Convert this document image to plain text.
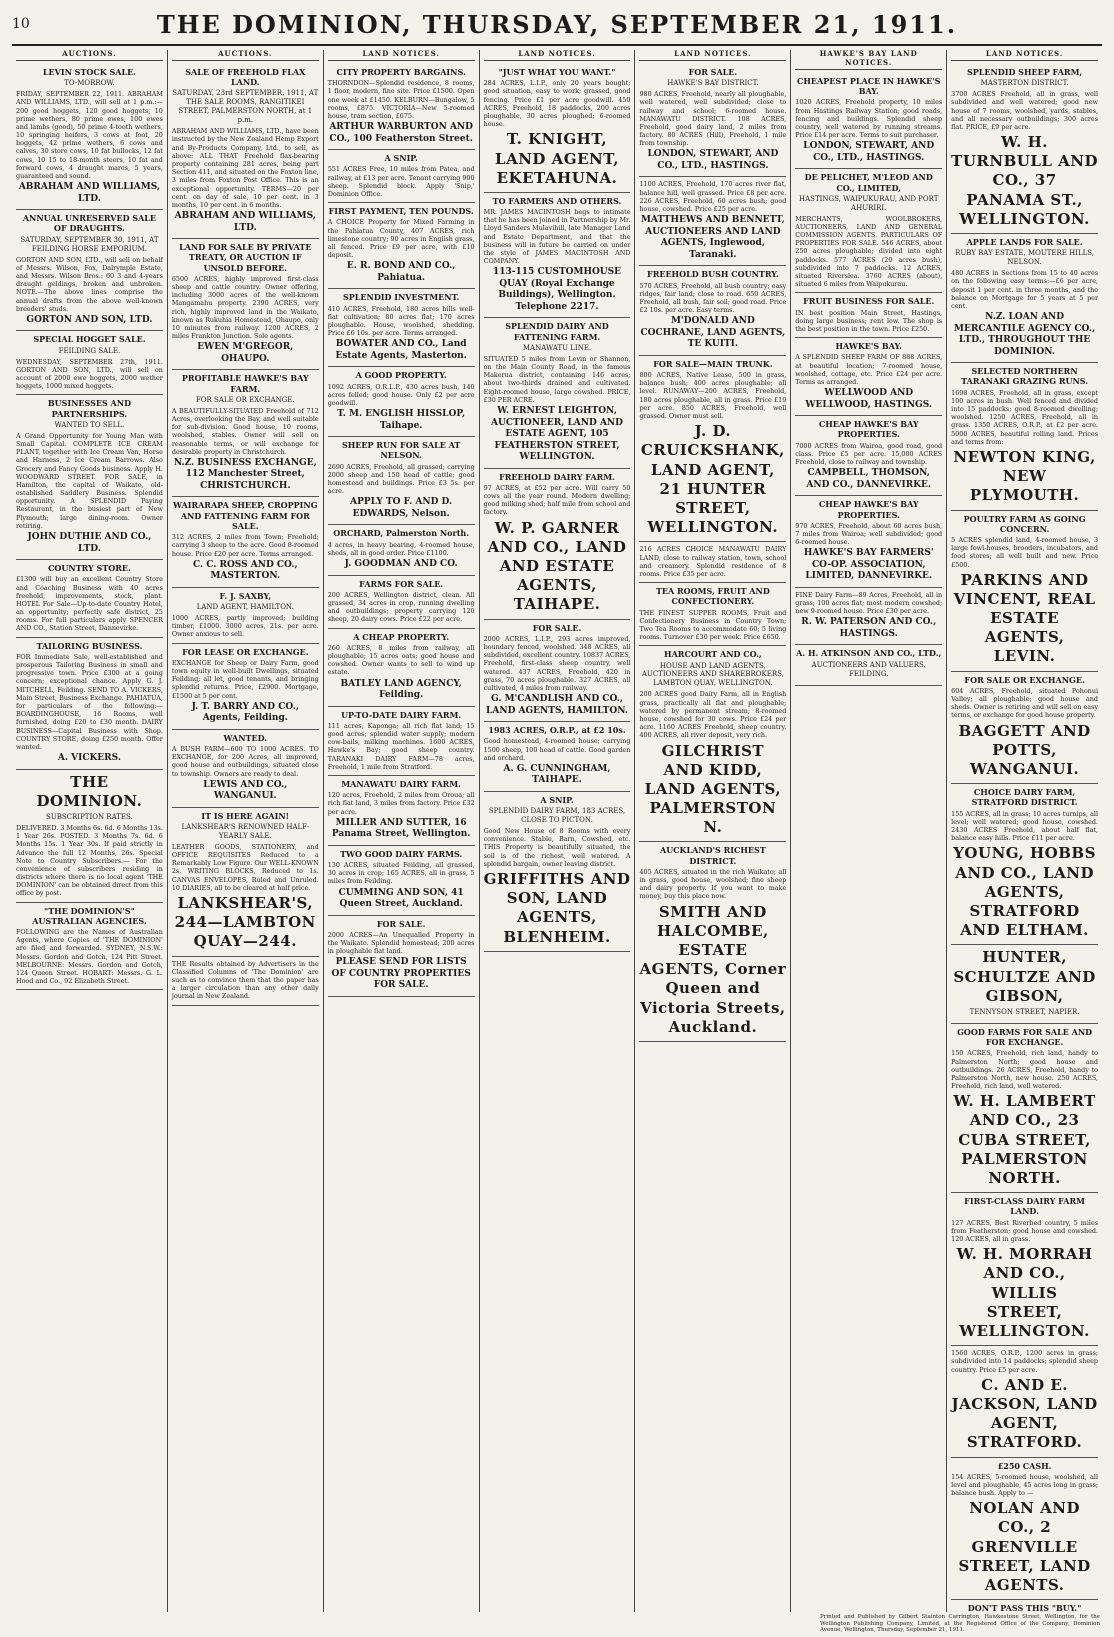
10	THE DOMINION, THURSDAY, SEPTEMBER 21, 1911.
AUCTIONS.
LEVIN STOCK SALE.
TO-MORROW.
FRIDAY, SEPTEMBER 22, 1911. ABRAHAM AND WILLIAMS, LTD., will sell at 1 p.m.:— 200 good hoggets, 120 good hoggets, 10 prime wethers, 80 prime ewes, 100 ewes and lambs (good), 50 prime 4-tooth wethers, 10 springing heifers, 3 cows at foot, 20 hoggets, 42 prime wethers, 6 cows and calves, 30 store cows, 10 fat bullocks, 12 fat cows, 10 15 to 18-month steers, 10 fat and forward cows, 4 draught mares, 5 years, guaranteed and sound.
ABRAHAM AND WILLIAMS, LTD.
ANNUAL UNRESERVED SALE OF DRAUGHTS.
SATURDAY, SEPTEMBER 30, 1911, AT FEILDING HORSE EMPORIUM.
GORTON AND SON, LTD., will sell on behalf of Messrs. Wilson, Fox, Dalrymple Estate, and Messrs. Wilson Bros.: 60 3 and 4-years draught geldings, broken and unbroken. NOTE.—The above lines comprise the annual drafts from the above well-known breeders' studs.
GORTON AND SON, LTD.
SPECIAL HOGGET SALE.
FEILDING SALE.
WEDNESDAY, SEPTEMBER 27th, 1911. GORTON AND SON, LTD., will sell on account of 2000 ewe hoggets, 2000 wether hoggets, 1000 mixed hoggets.
BUSINESSES AND PARTNERSHIPS.
WANTED TO SELL.
A Grand Opportunity for Young Man with Small Capital. COMPLETE ICE CREAM PLANT, together with Ice Cream Van, Horse and Harness, 2 Ice Cream Barrows. Also Grocery and Fancy Goods business. Apply H. WOODWARD STREET. FOR SALE, in Hamilton, the capital of Waikato, old-established Saddlery Business. Splendid opportunity. A SPLENDID Paying Restaurant, in the busiest part of New Plymouth; large dining-room. Owner retiring.
JOHN DUTHIE AND CO., LTD.
COUNTRY STORE.
£1300 will buy an excellent Country Store and Coaching Business with 40 acres freehold, improvements, stock, plant. HOTEL For Sale—Up-to-date Country Hotel, an opportunity; perfectly safe district, 25 rooms. For full particulars apply SPENCER AND CO., Station Street, Dannevirke.
TAILORING BUSINESS.
FOR Immediate Sale, well-established and prosperous Tailoring Business in small and progressive town. Price £300 at a going concern; exceptional chance. Apply G. J. MITCHELL, Feilding. SEND TO A. VICKERS, Main Street, Business Exchange. PAHIATUA, for particulars of the following:— BOARDINGHOUSE, 16 Rooms, well furnished, doing £20 to £30 month. DAIRY BUSINESS—Capital Business with Shop. COUNTRY STORE, doing £250 month. Offer wanted.
A. VICKERS.
THE DOMINION.
SUBSCRIPTION RATES.
DELIVERED. 3 Months 6s. 6d. 6 Months 13s. 1 Year 26s. POSTED. 3 Months 7s. 6d. 6 Months 15s. 1 Year 30s. If paid strictly in Advance the full 12 Months, 26s. Special Note to Country Subscribers.— For the convenience of subscribers residing in districts where there is no local agent 'THE DOMINION' can be obtained direct from this office by post.
"THE DOMINION'S" AUSTRALIAN AGENCIES.
FOLLOWING are the Names of Australian Agents, where Copies of 'THE DOMINION' are filed and forwarded. SYDNEY, N.S.W.: Messrs. Gordon and Gotch, 124 Pitt Street. MELBOURNE: Messrs. Gordon and Gotch, 124 Queen Street. HOBART: Messrs. G. L. Hood and Co., 92 Elizabeth Street.
AUCTIONS.
SALE OF FREEHOLD FLAX LAND.
SATURDAY, 23rd SEPTEMBER, 1911, AT THE SALE ROOMS, RANGITIKEI STREET, PALMERSTON NORTH, at 1 p.m.
ABRAHAM AND WILLIAMS, LTD., have been instructed by the New Zealand Hemp Export and By-Products Company, Ltd., to sell, as above: ALL THAT Freehold flax-bearing property containing 281 acres, being part Section 411, and situated on the Foxton line, 3 miles from Foxton Post Office. This is an exceptional opportunity. TERMS—20 per cent. on day of sale, 10 per cent. in 3 months, 10 per cent. in 6 months.
ABRAHAM AND WILLIAMS, LTD.
LAND FOR SALE BY PRIVATE TREATY, OR AUCTION IF UNSOLD BEFORE.
6500 ACRES, highly improved first-class sheep and cattle country. Owner offering, including 3000 acres of the well-known Mangamahu property. 2390 ACRES, very rich, highly improved land in the Waikato, known as Rukuhia Homestead, Ohaupo, only 10 minutes from railway. 1200 ACRES, 2 miles Frankton Junction. Sole agents.
EWEN M'GREGOR, OHAUPO.
PROFITABLE HAWKE'S BAY FARM.
FOR SALE OR EXCHANGE.
A BEAUTIFULLY-SITUATED Freehold of 712 Acres, overlooking the Bay, and well suitable for sub-division. Good house, 10 rooms, woolshed, stables. Owner will sell on reasonable terms, or will exchange for desirable property in Christchurch.
N.Z. BUSINESS EXCHANGE, 112 Manchester Street, CHRISTCHURCH.
WAIRARAPA SHEEP, CROPPING AND FATTENING FARM FOR SALE.
312 ACRES, 2 miles from Town; Freehold; carrying 3 sheep to the acre. Good 8-roomed house. Price £20 per acre. Terms arranged.
C. C. ROSS AND CO., MASTERTON.
F. J. SAXBY,
LAND AGENT, HAMILTON.
1000 ACRES, partly improved; building timber, £1000. 3000 acres, 21s. per acre. Owner anxious to sell.
FOR LEASE OR EXCHANGE.
EXCHANGE for Sheep or Dairy Farm, good town equity in well-built Dwellings, situated Feilding; all let, good tenants, and bringing splendid returns. Price, £2900. Mortgage, £1500 at 5 per cent.
J. T. BARRY AND CO., Agents, Feilding.
WANTED.
A BUSH FARM—600 TO 1000 ACRES. TO EXCHANGE, for 200 Acres, all improved, good house and outbuildings, situated close to township. Owners are ready to deal.
LEWIS AND CO., WANGANUI.
IT IS HERE AGAIN!
LANKSHEAR'S RENOWNED HALF-YEARLY SALE.
LEATHER GOODS, STATIONERY, and OFFICE REQUISITES Reduced to a Remarkably Low Figure. Our WELL-KNOWN 2s. WRITING BLOCKS, Reduced to 1s. CANVAS ENVELOPES, Ruled and Unruled. 10 DIARIES, all to be cleared at half price.
LANKSHEAR'S, 244—LAMBTON QUAY—244.
THE Results obtained by Advertisers in the Classified Columns of 'The Dominion' are such as to convince them that the paper has a larger circulation than any other daily journal in New Zealand.
LAND NOTICES.
CITY PROPERTY BARGAINS.
THORNDON—Splendid residence, 8 rooms, 1 floor, modern, fine site. Price £1500. Open one week at £1450. KELBURN—Bungalow, 5 rooms, £875. VICTORIA—New 5-roomed house, tram section, £675.
ARTHUR WARBURTON AND CO., 100 Featherston Street.
A SNIP.
551 ACRES Free, 10 miles from Patea, and railway, at £13 per acre. Tenant carrying 900 sheep. Splendid block. Apply 'Snip,' Dominion Office.
FIRST PAYMENT, TEN POUNDS.
A CHOICE Property for Mixed Farming in the Pahiatua County, 407 ACRES, rich limestone country; 90 acres in English grass, all fenced. Price £9 per acre, with £10 deposit.
E. R. BOND AND CO., Pahiatua.
SPLENDID INVESTMENT.
410 ACRES, Freehold, 180 acres hills well-flat cultivation; 80 acres flat; 170 acres ploughable. House, woolshed, shedding. Price £6 10s. per acre. Terms arranged.
BOWATER AND CO., Land Estate Agents, Masterton.
A GOOD PROPERTY.
1092 ACRES, O.R.L.P., 430 acres bush, 140 acres felled; good house. Only £2 per acre goodwill.
T. M. ENGLISH HISSLOP, Taihape.
SHEEP RUN FOR SALE AT NELSON.
2690 ACRES, Freehold, all grassed; carrying 2000 sheep and 150 head of cattle; good homestead and buildings. Price £3 5s. per acre.
APPLY TO F. AND D. EDWARDS, Nelson.
ORCHARD, Palmerston North.
4 acres, in heavy bearing, 4-roomed house, sheds, all in good order. Price £1100.
J. GOODMAN AND CO.
FARMS FOR SALE.
200 ACRES, Wellington district, clean. All grassed, 34 acres in crop, running dwelling and outbuildings; property carrying 120 sheep, 20 dairy cows. Price £22 per acre.
A CHEAP PROPERTY.
260 ACRES, 8 miles from railway, all ploughable; 15 acres oats; good house and cowshed. Owner wants to sell to wind up estate.
BATLEY LAND AGENCY, Feilding.
UP-TO-DATE DAIRY FARM.
111 acres, Kaponga; all rich flat land; 15 good acres; splendid water supply; modern cow-bails, milking machines. 1600 ACRES, Hawke's Bay; good sheep country. TARANAKI DAIRY FARM—78 acres, Freehold, 1 mile from Stratford.
MANAWATU DAIRY FARM.
120 acres, Freehold, 2 miles from Oroua; all rich flat land, 3 miles from factory. Price £32 per acre.
MILLER AND SUTTER, 16 Panama Street, Wellington.
TWO GOOD DAIRY FARMS.
130 ACRES, situated Feilding, all grassed, 30 acres in crop; 165 ACRES, all in grass, 5 miles from Feilding.
CUMMING AND SON, 41 Queen Street, Auckland.
FOR SALE.
2000 ACRES—An Unequalled Property in the Waikato. Splendid homestead; 200 acres in ploughable flat land.
PLEASE SEND FOR LISTS OF COUNTRY PROPERTIES FOR SALE.
LAND NOTICES.
"JUST WHAT YOU WANT."
284 ACRES, L.I.P., only 20 years bought; good situation, easy to work; grassed, good fencing. Price £1 per acre goodwill. 450 ACRES, Freehold, 18 paddocks, 200 acres ploughable, 30 acres ploughed; 6-roomed house.
T. KNIGHT, LAND AGENT, EKETAHUNA.
TO FARMERS AND OTHERS.
MR. JAMES MACINTOSH begs to intimate that he has been joined in Partnership by Mr. Lloyd Sanders Mulavihill, late Manager Land and Estate Department, and that the business will in future be carried on under the style of JAMES MACINTOSH AND COMPANY.
113-115 CUSTOMHOUSE QUAY (Royal Exchange Buildings), Wellington. Telephone 2217.
SPLENDID DAIRY AND FATTENING FARM.
MANAWATU LINE.
SITUATED 5 miles from Levin or Shannon, on the Main County Road, in the famous Makerua district, containing 146 acres; about two-thirds drained and cultivated. Eight-roomed house, large cowshed. PRICE, £30 PER ACRE.
W. ERNEST LEIGHTON, AUCTIONEER, LAND AND ESTATE AGENT, 105 FEATHERSTON STREET, WELLINGTON.
FREEHOLD DAIRY FARM.
97 ACRES, at £52 per acre. Will carry 50 cows all the year round. Modern dwelling; good milking shed; half mile from school and factory.
W. P. GARNER AND CO., LAND AND ESTATE AGENTS, TAIHAPE.
FOR SALE.
2000 ACRES, L.I.P., 293 acres improved, boundary fenced, woolshed. 348 ACRES, all subdivided, excellent country. 10837 ACRES, Freehold, first-class sheep country, well watered. 437 ACRES, Freehold, 420 in grass, 70 acres ploughable. 327 ACRES, all cultivated, 4 miles from railway.
G. M'CANDLISH AND CO., LAND AGENTS, HAMILTON.
1983 ACRES, O.R.P., at £2 10s.
Good homestead, 4-roomed house; carrying 1500 sheep, 100 head of cattle. Good garden and orchard.
A. G. CUNNINGHAM, TAIHAPE.
A SNIP.
SPLENDID DAIRY FARM, 183 ACRES, CLOSE TO PICTON.
Good New House of 8 Rooms with every convenience. Stable, Barn, Cowshed, etc. THIS Property is beautifully situated, the soil is of the richest, well watered. A splendid bargain, owner leaving district.
GRIFFITHS AND SON, LAND AGENTS, BLENHEIM.
LAND NOTICES.
FOR SALE.
HAWKE'S BAY DISTRICT.
980 ACRES, Freehold, nearly all ploughable, well watered, well subdivided; close to railway and school; 6-roomed house. MANAWATU DISTRICT. 108 ACRES, Freehold, good dairy land, 2 miles from factory. 80 ACRES (Hill), Freehold, 1 mile from township.
LONDON, STEWART, AND CO., LTD., HASTINGS.
1100 ACRES, Freehold, 170 acres river flat, balance hill, well grassed. Price £8 per acre. 226 ACRES, Freehold, 60 acres bush; good house, cowshed. Price £25 per acre.
MATTHEWS AND BENNETT, AUCTIONEERS AND LAND AGENTS, Inglewood, Taranaki.
FREEHOLD BUSH COUNTRY.
570 ACRES, Freehold, all bush country; easy ridges, fair land; close to road. 650 ACRES, Freehold, all bush, fair soil; good road. Price £2 10s. per acre. Easy terms.
M'DONALD AND COCHRANE, LAND AGENTS, TE KUITI.
FOR SALE—MAIN TRUNK.
800 ACRES, Native Lease, 500 in grass, balance bush; 400 acres ploughable; all level. RUNAWAY—200 ACRES, Freehold, 180 acres ploughable, all in grass. Price £19 per acre. 850 ACRES, Freehold, well grassed. Owner must sell.
J. D. CRUICKSHANK, LAND AGENT, 21 HUNTER STREET, WELLINGTON.
216 ACRES CHOICE MANAWATU DAIRY LAND, close to railway station, town, school and creamery. Splendid residence of 8 rooms. Price £35 per acre.
TEA ROOMS, FRUIT AND CONFECTIONERY.
THE FINEST SUPPER ROOMS, Fruit and Confectionery Business in Country Town; Two Tea Rooms to accommodate 60; 5 living rooms. Turnover £30 per week. Price £650.
HARCOURT AND CO.,
HOUSE AND LAND AGENTS, AUCTIONEERS AND SHAREBROKERS, LAMBTON QUAY, WELLINGTON.
200 ACRES good Dairy Farm, all in English grass, practically all flat and ploughable; watered by permanent stream; 8-roomed house, cowshed for 30 cows. Price £24 per acre. 1160 ACRES Freehold, sheep country. 400 ACRES, all river deposit, very rich.
GILCHRIST AND KIDD, LAND AGENTS, PALMERSTON N.
AUCKLAND'S RICHEST DISTRICT.
405 ACRES, situated in the rich Waikato; all in grass, good house, woolshed; fine sheep and dairy property. If you want to make money, buy this place now.
SMITH AND HALCOMBE, ESTATE AGENTS, Corner Queen and Victoria Streets, Auckland.
HAWKE'S BAY LAND NOTICES.
CHEAPEST PLACE IN HAWKE'S BAY.
1020 ACRES, Freehold property, 10 miles from Hastings Railway Station; good roads, fencing and buildings. Splendid sheep country, well watered by running streams. Price £14 per acre. Terms to suit purchaser.
LONDON, STEWART, AND CO., LTD., HASTINGS.
DE PELICHET, M'LEOD AND CO., LIMITED,
HASTINGS, WAIPUKURAU, AND PORT AHURIRI.
MERCHANTS, WOOLBROKERS, AUCTIONEERS, LAND AND GENERAL COMMISSION AGENTS. PARTICULARS OF PROPERTIES FOR SALE. 546 ACRES, about 250 acres ploughable; divided into eight paddocks. 577 ACRES (20 acres bush), subdivided into 7 paddocks. 12 ACRES, situated Riverslea. 3760 ACRES (about), situated 6 miles from Waipukurau.
FRUIT BUSINESS FOR SALE.
IN best position Main Street, Hastings, doing large business; rent low. The shop is the best position in the town. Price £250.
HAWKE'S BAY.
A SPLENDID SHEEP FARM OF 888 ACRES, at beautiful location; 7-roomed house, woolshed, cottage, etc. Price £24 per acre. Terms as arranged.
WELLWOOD AND WELLWOOD, HASTINGS.
CHEAP HAWKE'S BAY PROPERTIES.
7000 ACRES from Wairoa, good road, good class. Price £5 per acre. 15,000 ACRES Freehold, close to railway and township.
CAMPBELL, THOMSON, AND CO., DANNEVIRKE.
CHEAP HAWKE'S BAY PROPERTIES.
970 ACRES, Freehold, about 60 acres bush, 7 miles from Wairoa; well subdivided; good 6-roomed house.
HAWKE'S BAY FARMERS' CO-OP. ASSOCIATION, LIMITED, DANNEVIRKE.
FINE Dairy Farm—89 Acres, Freehold, all in grass; 100 acres flat; most modern cowshed; new 9-roomed house. Price £30 per acre.
R. W. PATERSON AND CO., HASTINGS.
A. H. ATKINSON AND CO., LTD.,
AUCTIONEERS AND VALUERS, FEILDING.
LAND NOTICES.
SPLENDID SHEEP FARM,
MASTERTON DISTRICT.
3700 ACRES Freehold, all in grass, well subdivided and well watered; good new house of 7 rooms, woolshed, yards, stables, and all necessary outbuildings; 300 acres flat. PRICE, £9 per acre.
W. H. TURNBULL AND CO., 37 PANAMA ST., WELLINGTON.
APPLE LANDS FOR SALE.
RUBY BAY ESTATE, MOUTERE HILLS, NELSON.
480 ACRES in Sections from 15 to 40 acres on the following easy terms:—£6 per acre, deposit 1 per cent. in three months, and the balance on Mortgage for 5 years at 5 per cent.
N.Z. LOAN AND MERCANTILE AGENCY CO., LTD., THROUGHOUT THE DOMINION.
SELECTED NORTHERN TARANAKI GRAZING RUNS.
1698 ACRES, Freehold, all in grass, except 100 acres in bush. Well fenced and divided into 15 paddocks; good 8-roomed dwelling; woolshed. 1250 ACRES, Freehold, all in grass. 1350 ACRES, O.R.P., at £2 per acre. 5000 ACRES, beautiful rolling land. Prices and terms from:
NEWTON KING, NEW PLYMOUTH.
POULTRY FARM AS GOING CONCERN.
5 ACRES splendid land, 4-roomed house, 3 large fowl-houses, brooders, incubators, and food stores; all well built and new. Price £500.
PARKINS AND VINCENT, REAL ESTATE AGENTS, LEVIN.
FOR SALE OR EXCHANGE.
604 ACRES, Freehold, situated Pohonui Valley; all ploughable; good house and sheds. Owner is retiring and will sell on easy terms, or exchange for good house property.
BAGGETT AND POTTS, WANGANUI.
CHOICE DAIRY FARM, STRATFORD DISTRICT.
155 ACRES, all in grass; 10 acres turnips, all level; well watered; good house, cowshed. 2430 ACRES Freehold, about half flat, balance easy hills. Price £11 per acre.
YOUNG, HOBBS AND CO., LAND AGENTS, STRATFORD AND ELTHAM.
HUNTER, SCHULTZE AND GIBSON,
TENNYSON STREET, NAPIER.
GOOD FARMS FOR SALE AND FOR EXCHANGE.
150 ACRES, Freehold, rich land, handy to Palmerston North; good house and outbuildings. 26 ACRES, Freehold, handy to Palmerston North, new house. 250 ACRES, Freehold, rich land, well watered.
W. H. LAMBERT AND CO., 23 CUBA STREET, PALMERSTON NORTH.
FIRST-CLASS DAIRY FARM LAND.
127 ACRES, Best Riverbed country, 5 miles from Featherston; good house and cowshed. 120 ACRES, all in grass.
W. H. MORRAH AND CO., WILLIS STREET, WELLINGTON.
1560 ACRES, O.R.P., 1200 acres in grass; subdivided into 14 paddocks; splendid sheep country. Price £5 per acre.
C. AND E. JACKSON, LAND AGENT, STRATFORD.
£250 CASH.
154 ACRES, 5-roomed house, woolshed, all level and ploughable, 45 acres long in grass; balance bush. Apply to —
NOLAN AND CO., 2 GRENVILLE STREET, LAND AGENTS.
DON'T PASS THIS "BUY."
Printed and Published by Gilbert Stainton Carrington, Hawkestone Street, Wellington, for the Wellington Publishing Company, Limited, at the Registered Office of the Company, Dominion Avenue, Wellington, Thursday, September 21, 1911.
